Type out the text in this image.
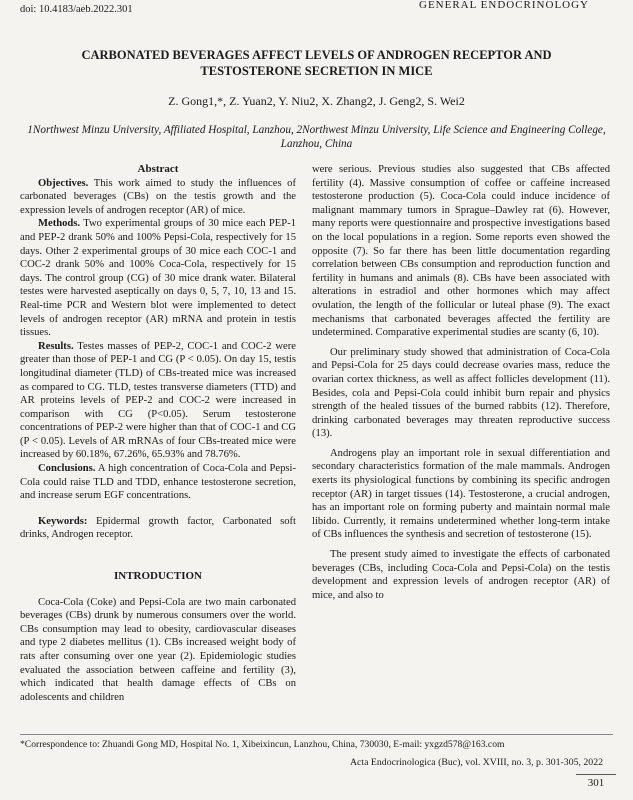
doi: 10.4183/aeb.2022.301	GENERAL ENDOCRINOLOGY
CARBONATED BEVERAGES AFFECT LEVELS OF ANDROGEN RECEPTOR AND TESTOSTERONE SECRETION IN MICE
Z. Gong1,*, Z. Yuan2, Y. Niu2, X. Zhang2, J. Geng2, S. Wei2
1Northwest Minzu University, Affiliated Hospital, Lanzhou, 2Northwest Minzu University, Life Science and Engineering College, Lanzhou, China

Abstract

Objectives. This work aimed to study the influences of carbonated beverages (CBs) on the testis growth and the expression levels of androgen receptor (AR) of mice.

Methods. Two experimental groups of 30 mice each PEP-1 and PEP-2 drank 50% and 100% Pepsi-Cola, respectively for 15 days. Other 2 experimental groups of 30 mice each COC-1 and COC-2 drank 50% and 100% Coca-Cola, respectively for 15 days. The control group (CG) of 30 mice drank water. Bilateral testes were harvested aseptically on days 0, 5, 7, 10, 13 and 15. Real-time PCR and Western blot were implemented to detect levels of androgen receptor (AR) mRNA and protein in testis tissues.

Results. Testes masses of PEP-2, COC-1 and COC-2 were greater than those of PEP-1 and CG (P < 0.05). On day 15, testis longitudinal diameter (TLD) of CBs-treated mice was increased as compared to CG. TLD, testes transverse diameters (TTD) and AR proteins levels of PEP-2 and COC-2 were increased in comparison with CG (P<0.05). Serum testosterone concentrations of PEP-2 were higher than that of COC-1 and CG (P < 0.05). Levels of AR mRNAs of four CBs-treated mice were increased by 60.18%, 67.26%, 65.93% and 78.76%.

Conclusions. A high concentration of Coca-Cola and Pepsi-Cola could raise TLD and TDD, enhance testosterone secretion, and increase serum EGF concentrations.

Keywords: Epidermal growth factor, Carbonated soft drinks, Androgen receptor.

INTRODUCTION

Coca-Cola (Coke) and Pepsi-Cola are two main carbonated beverages (CBs) drunk by numerous consumers over the world. CBs consumption may lead to obesity, cardiovascular diseases and type 2 diabetes mellitus (1). CBs increased weight body of rats after consuming over one year (2). Epidemiologic studies evaluated the association between caffeine and fertility (3), which indicated that health damage effects of CBs on adolescents and children

were serious. Previous studies also suggested that CBs affected fertility (4). Massive consumption of coffee or caffeine increased testosterone production (5). Coca-Cola could induce incidence of malignant mammary tumors in Sprague–Dawley rat (6). However, many reports were questionnaire and prospective investigations based on the local populations in a region. Some reports even showed the opposite (7). So far there has been little documentation regarding correlation between CBs consumption and reproduction function and fertility in humans and animals (8). CBs have been associated with alterations in estradiol and other hormones which may affect ovulation, the length of the follicular or luteal phase (9). The exact mechanisms that carbonated beverages affected the fertility are undetermined. Comparative experimental studies are scanty (6, 10).

Our preliminary study showed that administration of Coca-Cola and Pepsi-Cola for 25 days could decrease ovaries mass, reduce the ovarian cortex thickness, as well as affect follicles development (11). Besides, cola and Pepsi-Cola could inhibit burn repair and physics strength of the healed tissues of the burned rabbits (12). Therefore, drinking carbonated beverages may threaten reproductive success (13).

Androgens play an important role in sexual differentiation and secondary characteristics formation of the male mammals. Androgen exerts its physiological functions by combining its specific androgen receptor (AR) in target tissues (14). Testosterone, a crucial androgen, has an important role on forming puberty and maintain normal male libido. Currently, it remains undetermined whether long-term intake of CBs influences the synthesis and secretion of testosterone (15).

The present study aimed to investigate the effects of carbonated beverages (CBs, including Coca-Cola and Pepsi-Cola) on the testis development and expression levels of androgen receptor (AR) of mice, and also to

*Correspondence to: Zhuandi Gong MD, Hospital No. 1, Xibeixincun, Lanzhou, China, 730030, E-mail: yxgzd578@163.com
Acta Endocrinologica (Buc), vol. XVIII, no. 3, p. 301-305, 2022
301
